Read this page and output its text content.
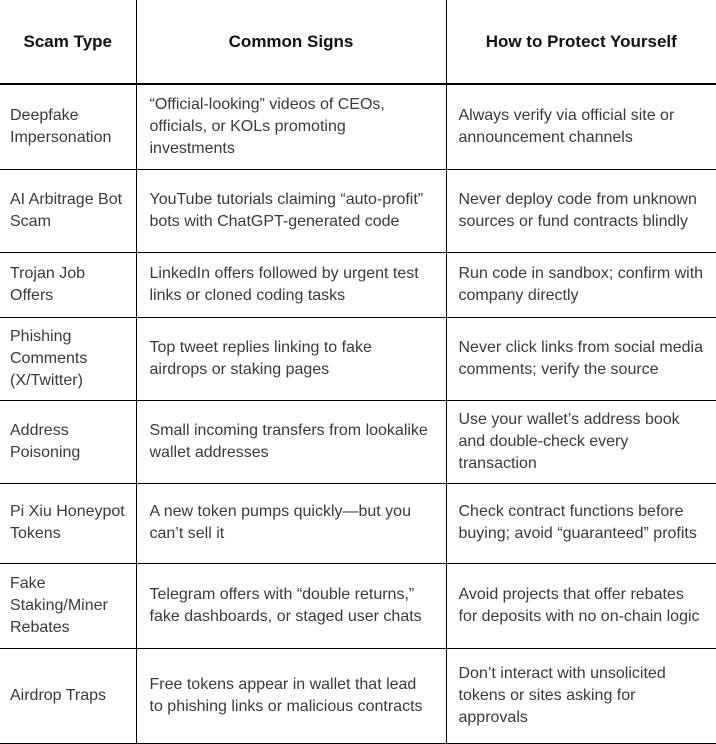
Scam Type	Common Signs	How to Protect Yourself
Deepfake Impersonation	“Official-looking” videos of CEOs, officials, or KOLs promoting investments	Always verify via official site or announcement channels
AI Arbitrage Bot Scam	YouTube tutorials claiming “auto-profit” bots with ChatGPT-generated code	Never deploy code from unknown sources or fund contracts blindly
Trojan Job Offers	LinkedIn offers followed by urgent test links or cloned coding tasks	Run code in sandbox; confirm with company directly
Phishing Comments (X/Twitter)	Top tweet replies linking to fake airdrops or staking pages	Never click links from social media comments; verify the source
Address Poisoning	Small incoming transfers from lookalike wallet addresses	Use your wallet’s address book and double-check every transaction
Pi Xiu Honeypot Tokens	A new token pumps quickly—but you can’t sell it	Check contract functions before buying; avoid “guaranteed” profits
Fake Staking/Miner Rebates	Telegram offers with “double returns,” fake dashboards, or staged user chats	Avoid projects that offer rebates for deposits with no on-chain logic
Airdrop Traps	Free tokens appear in wallet that lead to phishing links or malicious contracts	Don’t interact with unsolicited tokens or sites asking for approvals
